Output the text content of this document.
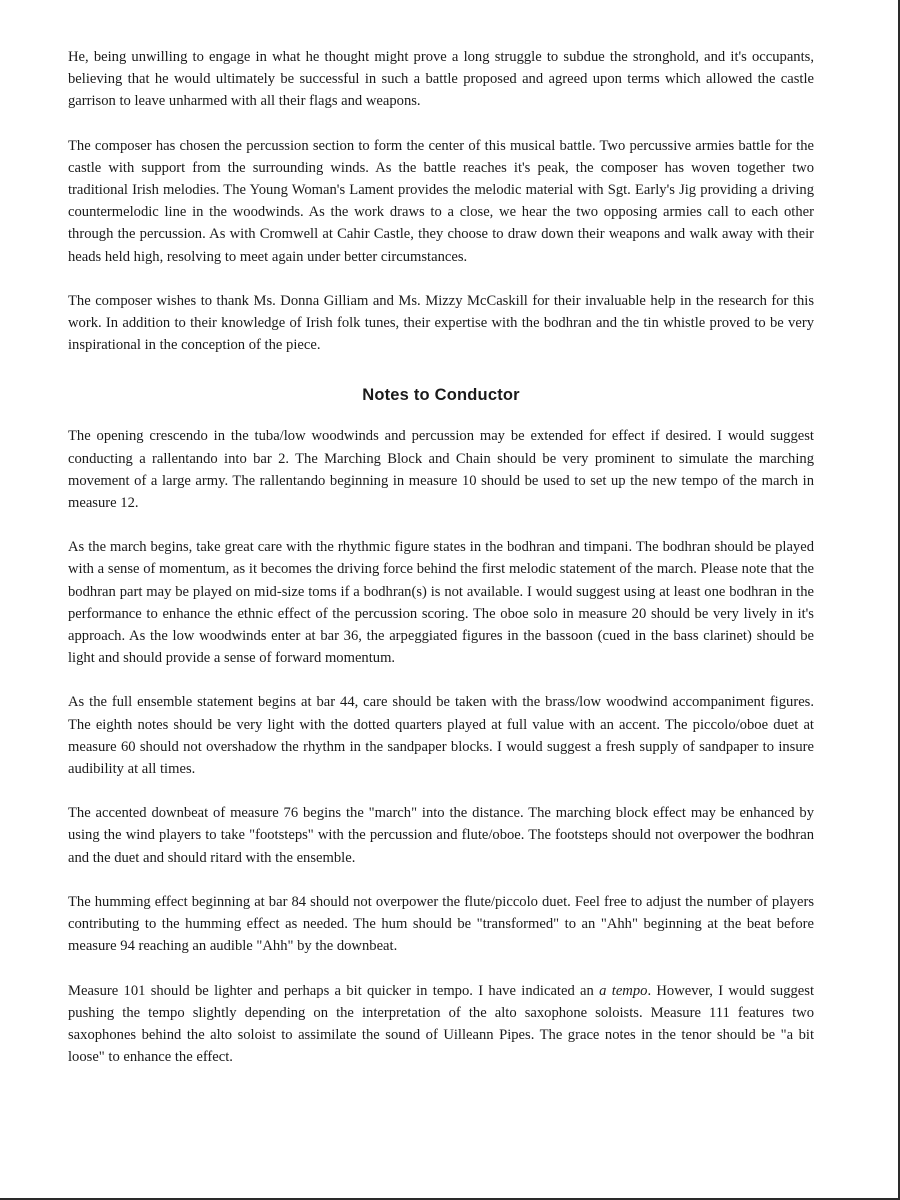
He, being unwilling to engage in what he thought might prove a long struggle to subdue the stronghold, and it's occupants, believing that he would ultimately be successful in such a battle proposed and agreed upon terms which allowed the castle garrison to leave unharmed with all their flags and weapons.

The composer has chosen the percussion section to form the center of this musical battle. Two percussive armies battle for the castle with support from the surrounding winds. As the battle reaches it's peak, the composer has woven together two traditional Irish melodies. The Young Woman's Lament provides the melodic material with Sgt. Early's Jig providing a driving countermelodic line in the woodwinds. As the work draws to a close, we hear the two opposing armies call to each other through the percussion. As with Cromwell at Cahir Castle, they choose to draw down their weapons and walk away with their heads held high, resolving to meet again under better circumstances.

The composer wishes to thank Ms. Donna Gilliam and Ms. Mizzy McCaskill for their invaluable help in the research for this work. In addition to their knowledge of Irish folk tunes, their expertise with the bodhran and the tin whistle proved to be very inspirational in the conception of the piece.

Notes to Conductor

The opening crescendo in the tuba/low woodwinds and percussion may be extended for effect if desired. I would suggest conducting a rallentando into bar 2. The Marching Block and Chain should be very prominent to simulate the marching movement of a large army. The rallentando beginning in measure 10 should be used to set up the new tempo of the march in measure 12.

As the march begins, take great care with the rhythmic figure states in the bodhran and timpani. The bodhran should be played with a sense of momentum, as it becomes the driving force behind the first melodic statement of the march. Please note that the bodhran part may be played on mid-size toms if a bodhran(s) is not available. I would suggest using at least one bodhran in the performance to enhance the ethnic effect of the percussion scoring. The oboe solo in measure 20 should be very lively in it's approach. As the low woodwinds enter at bar 36, the arpeggiated figures in the bassoon (cued in the bass clarinet) should be light and should provide a sense of forward momentum.

As the full ensemble statement begins at bar 44, care should be taken with the brass/low woodwind accompaniment figures. The eighth notes should be very light with the dotted quarters played at full value with an accent. The piccolo/oboe duet at measure 60 should not overshadow the rhythm in the sandpaper blocks. I would suggest a fresh supply of sandpaper to insure audibility at all times.

The accented downbeat of measure 76 begins the "march" into the distance. The marching block effect may be enhanced by using the wind players to take "footsteps" with the percussion and flute/oboe. The footsteps should not overpower the bodhran and the duet and should ritard with the ensemble.

The humming effect beginning at bar 84 should not overpower the flute/piccolo duet. Feel free to adjust the number of players contributing to the humming effect as needed. The hum should be "transformed" to an "Ahh" beginning at the beat before measure 94 reaching an audible "Ahh" by the downbeat.

Measure 101 should be lighter and perhaps a bit quicker in tempo. I have indicated an a tempo. However, I would suggest pushing the tempo slightly depending on the interpretation of the alto saxophone soloists. Measure 111 features two saxophones behind the alto soloist to assimilate the sound of Uilleann Pipes. The grace notes in the tenor should be "a bit loose" to enhance the effect.
